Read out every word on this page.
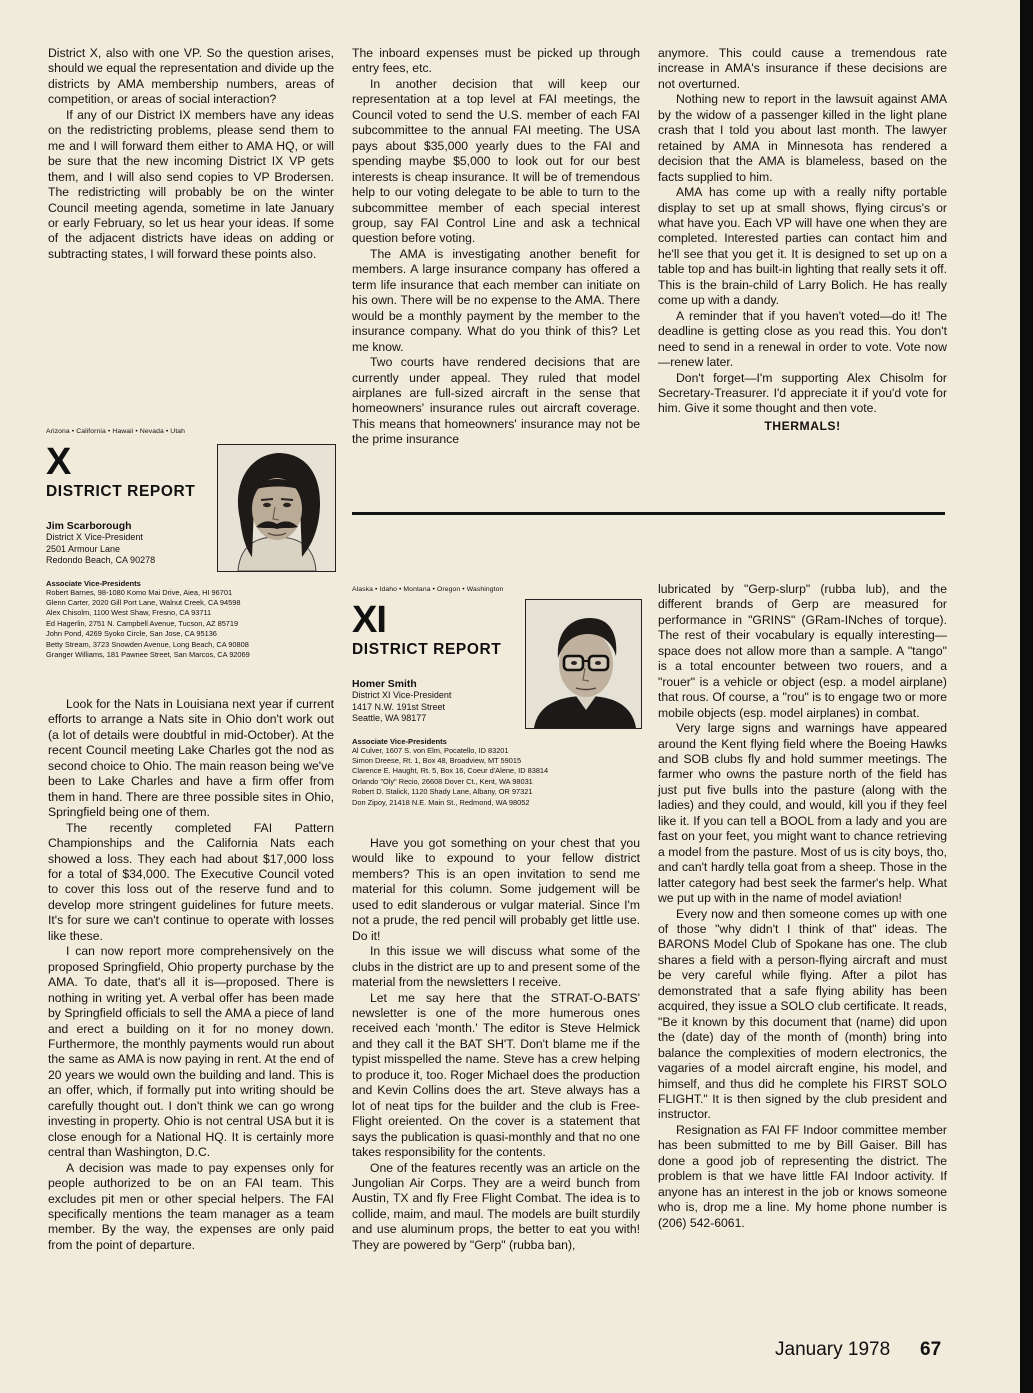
District X, also with one VP. So the question arises, should we equal the representation and divide up the districts by AMA membership numbers, areas of competition, or areas of social interaction?

If any of our District IX members have any ideas on the redistricting problems, please send them to me and I will forward them either to AMA HQ, or will be sure that the new incoming District IX VP gets them, and I will also send copies to VP Brodersen. The redistricting will probably be on the winter Council meeting agenda, sometime in late January or early February, so let us hear your ideas. If some of the adjacent districts have ideas on adding or subtracting states, I will forward these points also.

The inboard expenses must be picked up through entry fees, etc.

In another decision that will keep our representation at a top level at FAI meetings, the Council voted to send the U.S. member of each FAI subcommittee to the annual FAI meeting. The USA pays about $35,000 yearly dues to the FAI and spending maybe $5,000 to look out for our best interests is cheap insurance. It will be of tremendous help to our voting delegate to be able to turn to the subcommittee member of each special interest group, say FAI Control Line and ask a technical question before voting.

The AMA is investigating another benefit for members. A large insurance company has offered a term life insurance that each member can initiate on his own. There will be no expense to the AMA. There would be a monthly payment by the member to the insurance company. What do you think of this? Let me know.

Two courts have rendered decisions that are currently under appeal. They ruled that model airplanes are full-sized aircraft in the sense that homeowners' insurance rules out aircraft coverage. This means that homeowners' insurance may not be the prime insurance

anymore. This could cause a tremendous rate increase in AMA's insurance if these decisions are not overturned.

Nothing new to report in the lawsuit against AMA by the widow of a passenger killed in the light plane crash that I told you about last month. The lawyer retained by AMA in Minnesota has rendered a decision that the AMA is blameless, based on the facts supplied to him.

AMA has come up with a really nifty portable display to set up at small shows, flying circus's or what have you. Each VP will have one when they are completed. Interested parties can contact him and he'll see that you get it. It is designed to set up on a table top and has built-in lighting that really sets it off. This is the brain-child of Larry Bolich. He has really come up with a dandy.

A reminder that if you haven't voted—do it! The deadline is getting close as you read this. You don't need to send in a renewal in order to vote. Vote now—renew later.

Don't forget—I'm supporting Alex Chisolm for Secretary-Treasurer. I'd appreciate it if you'd vote for him. Give it some thought and then vote.

THERMALS!

Arizona • California • Hawaii • Nevada • Utah
X
DISTRICT REPORT
Jim Scarborough
District X Vice-President
2501 Armour Lane
Redondo Beach, CA 90278
Associate Vice-Presidents
Robert Barnes, 98-1080 Komo Mai Drive, Aiea, HI 96701
Glenn Carter, 2020 Gill Port Lane, Walnut Creek, CA 94598
Alex Chisolm, 1100 West Shaw, Fresno, CA 93711
Ed Hagerlin, 2751 N. Campbell Avenue, Tucson, AZ 85719
John Pond, 4269 Syoko Circle, San Jose, CA 95136
Betty Stream, 3723 Snowden Avenue, Long Beach, CA 90808
Granger Williams, 181 Pawnee Street, San Marcos, CA 92069

Look for the Nats in Louisiana next year if current efforts to arrange a Nats site in Ohio don't work out (a lot of details were doubtful in mid-October). At the recent Council meeting Lake Charles got the nod as second choice to Ohio. The main reason being we've been to Lake Charles and have a firm offer from them in hand. There are three possible sites in Ohio, Springfield being one of them.

The recently completed FAI Pattern Championships and the California Nats each showed a loss. They each had about $17,000 loss for a total of $34,000. The Executive Council voted to cover this loss out of the reserve fund and to develop more stringent guidelines for future meets. It's for sure we can't continue to operate with losses like these.

I can now report more comprehensively on the proposed Springfield, Ohio property purchase by the AMA. To date, that's all it is—proposed. There is nothing in writing yet. A verbal offer has been made by Springfield officials to sell the AMA a piece of land and erect a building on it for no money down. Furthermore, the monthly payments would run about the same as AMA is now paying in rent. At the end of 20 years we would own the building and land. This is an offer, which, if formally put into writing should be carefully thought out. I don't think we can go wrong investing in property. Ohio is not central USA but it is close enough for a National HQ. It is certainly more central than Washington, D.C.

A decision was made to pay expenses only for people authorized to be on an FAI team. This excludes pit men or other special helpers. The FAI specifically mentions the team manager as a team member. By the way, the expenses are only paid from the point of departure.

Alaska • Idaho • Montana • Oregon • Washington
XI
DISTRICT REPORT
Homer Smith
District XI Vice-President
1417 N.W. 191st Street
Seattle, WA 98177
Associate Vice-Presidents
Al Culver, 1607 S. von Elm, Pocatello, ID 83201
Simon Dreese, Rt. 1, Box 48, Broadview, MT 59015
Clarence E. Haught, Rt. 5, Box 16, Coeur d'Alene, ID 83814
Orlando "Oly" Recio, 26608 Dover Ct., Kent, WA 98031
Robert D. Stalick, 1120 Shady Lane, Albany, OR 97321
Don Zipoy, 21418 N.E. Main St., Redmond, WA 98052

Have you got something on your chest that you would like to expound to your fellow district members? This is an open invitation to send me material for this column. Some judgement will be used to edit slanderous or vulgar material. Since I'm not a prude, the red pencil will probably get little use. Do it!

In this issue we will discuss what some of the clubs in the district are up to and present some of the material from the newsletters I receive.

Let me say here that the STRAT-O-BATS' newsletter is one of the more humerous ones received each 'month.' The editor is Steve Helmick and they call it the BAT SH'T. Don't blame me if the typist misspelled the name. Steve has a crew helping to produce it, too. Roger Michael does the production and Kevin Collins does the art. Steve always has a lot of neat tips for the builder and the club is Free-Flight oreiented. On the cover is a statement that says the publication is quasi-monthly and that no one takes responsibility for the contents.

One of the features recently was an article on the Jungolian Air Corps. They are a weird bunch from Austin, TX and fly Free Flight Combat. The idea is to collide, maim, and maul. The models are built sturdily and use aluminum props, the better to eat you with! They are powered by "Gerp" (rubba ban),

lubricated by "Gerp-slurp" (rubba lub), and the different brands of Gerp are measured for performance in "GRINS" (GRam-INches of torque). The rest of their vocabulary is equally interesting—space does not allow more than a sample. A "tango" is a total encounter between two rouers, and a "rouer" is a vehicle or object (esp. a model airplane) that rous. Of course, a "rou" is to engage two or more mobile objects (esp. model airplanes) in combat.

Very large signs and warnings have appeared around the Kent flying field where the Boeing Hawks and SOB clubs fly and hold summer meetings. The farmer who owns the pasture north of the field has just put five bulls into the pasture (along with the ladies) and they could, and would, kill you if they feel like it. If you can tell a BOOL from a lady and you are fast on your feet, you might want to chance retrieving a model from the pasture. Most of us is city boys, tho, and can't hardly tella goat from a sheep. Those in the latter category had best seek the farmer's help. What we put up with in the name of model aviation!

Every now and then someone comes up with one of those "why didn't I think of that" ideas. The BARONS Model Club of Spokane has one. The club shares a field with a person-flying aircraft and must be very careful while flying. After a pilot has demonstrated that a safe flying ability has been acquired, they issue a SOLO club certificate. It reads, "Be it known by this document that (name) did upon the (date) day of the month of (month) bring into balance the complexities of modern electronics, the vagaries of a model aircraft engine, his model, and himself, and thus did he complete his FIRST SOLO FLIGHT." It is then signed by the club president and instructor.

Resignation as FAI FF Indoor committee member has been submitted to me by Bill Gaiser. Bill has done a good job of representing the district. The problem is that we have little FAI Indoor activity. If anyone has an interest in the job or knows someone who is, drop me a line. My home phone number is (206) 542-6061.

January 1978 67
